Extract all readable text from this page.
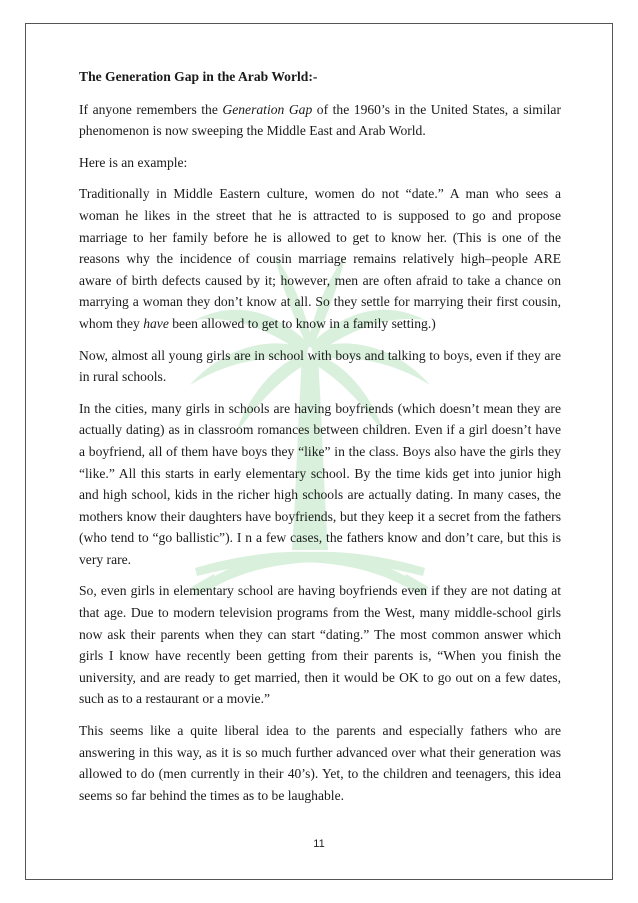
The Generation Gap in the Arab World:-

If anyone remembers the Generation Gap of the 1960’s in the United States, a similar phenomenon is now sweeping the Middle East and Arab World.

Here is an example:

Traditionally in Middle Eastern culture, women do not “date.” A man who sees a woman he likes in the street that he is attracted to is supposed to go and propose marriage to her family before he is allowed to get to know her. (This is one of the reasons why the incidence of cousin marriage remains relatively high–people ARE aware of birth defects caused by it; however, men are often afraid to take a chance on marrying a woman they don’t know at all. So they settle for marrying their first cousin, whom they have been allowed to get to know in a family setting.)

Now, almost all young girls are in school with boys and talking to boys, even if they are in rural schools.

In the cities, many girls in schools are having boyfriends (which doesn’t mean they are actually dating) as in classroom romances between children. Even if a girl doesn’t have a boyfriend, all of them have boys they “like” in the class. Boys also have the girls they “like.” All this starts in early elementary school. By the time kids get into junior high and high school, kids in the richer high schools are actually dating. In many cases, the mothers know their daughters have boyfriends, but they keep it a secret from the fathers (who tend to “go ballistic”). I n a few cases, the fathers know and don’t care, but this is very rare.

So, even girls in elementary school are having boyfriends even if they are not dating at that age. Due to modern television programs from the West, many middle-school girls now ask their parents when they can start “dating.” The most common answer which girls I know have recently been getting from their parents is, “When you finish the university, and are ready to get married, then it would be OK to go out on a few dates, such as to a restaurant or a movie.”

This seems like a quite liberal idea to the parents and especially fathers who are answering in this way, as it is so much further advanced over what their generation was allowed to do (men currently in their 40’s). Yet, to the children and teenagers, this idea seems so far behind the times as to be laughable.

11
